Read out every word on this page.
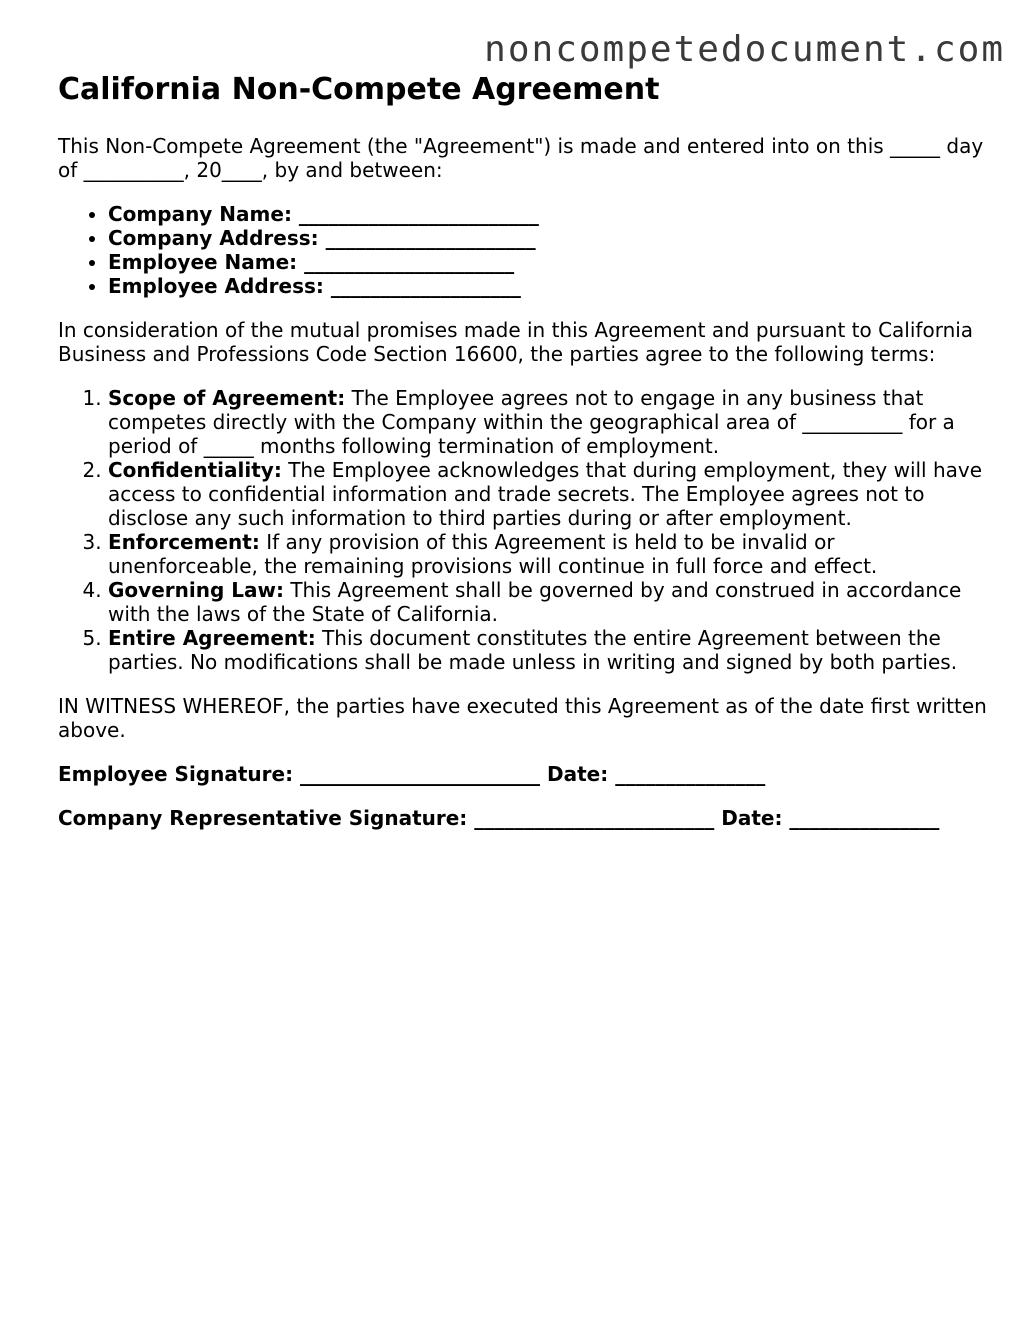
noncompetedocument.com
California Non-Compete Agreement

This Non-Compete Agreement (the "Agreement") is made and entered into on this _____ day of __________, 20____, by and between:

• Company Name: ________________________
• Company Address: _____________________
• Employee Name: _____________________
• Employee Address: ___________________

In consideration of the mutual promises made in this Agreement and pursuant to California Business and Professions Code Section 16600, the parties agree to the following terms:

1. Scope of Agreement: The Employee agrees not to engage in any business that competes directly with the Company within the geographical area of __________ for a period of _____ months following termination of employment.
2. Confidentiality: The Employee acknowledges that during employment, they will have access to confidential information and trade secrets. The Employee agrees not to disclose any such information to third parties during or after employment.
3. Enforcement: If any provision of this Agreement is held to be invalid or unenforceable, the remaining provisions will continue in full force and effect.
4. Governing Law: This Agreement shall be governed by and construed in accordance with the laws of the State of California.
5. Entire Agreement: This document constitutes the entire Agreement between the parties. No modifications shall be made unless in writing and signed by both parties.

IN WITNESS WHEREOF, the parties have executed this Agreement as of the date first written above.

Employee Signature: ________________________ Date: _______________

Company Representative Signature: ________________________ Date: _______________
